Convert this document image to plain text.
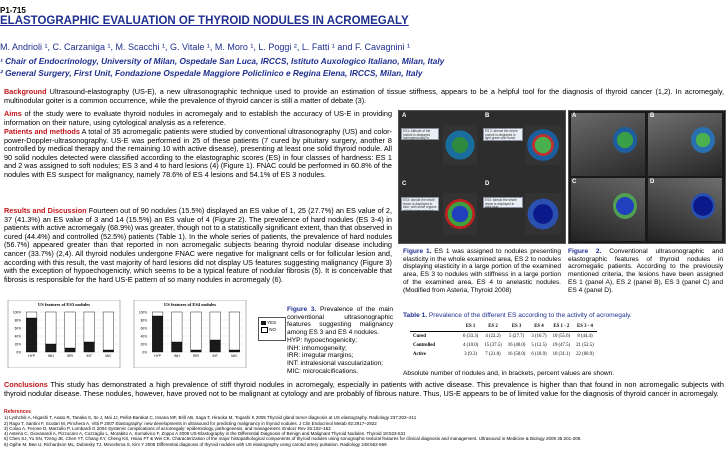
P1-715
ELASTOGRAPHIC EVALUATION OF THYROID NODULES IN ACROMEGALY
M. Andrioli ¹, C. Carzaniga ¹, M. Scacchi ¹, G. Vitale ¹, M. Moro ¹, L. Poggi ², L. Fatti ¹ and F. Cavagnini ¹
¹ Chair of Endocrinology, University of Milan, Ospedale San Luca, IRCCS, Istituto Auxologico Italiano, Milan, Italy
² General Surgery, First Unit, Fondazione Ospedale Maggiore Policlinico e Regina Elena, IRCCS, Milan, Italy
Background Ultrasound-elastography (US-E), a new ultrasonographic technique used to provide an estimation of tissue stiffness, appears to be a helpful tool for the diagnosis of thyroid cancer (1,2). In acromegaly, multinodular goiter is a common occurrence, while the prevalence of thyroid cancer is still a matter of debate (3).
Aims of the study were to evaluate thyroid nodules in acromegaly and to establish the accuracy of US-E in providing information on their nature, using cytological analysis as a reference.
Patients and methods A total of 35 acromegalic patients were studied by conventional ultrasonography (US) and color-power-Doppler-ultrasonography. US-E was performed in 25 of these patients (7 cured by pituitary surgery, another 8 controlled by medical therapy and the remaining 10 with active disease), presenting at least one solid thyroid nodule. All 90 solid nodules detected were classified according to the elastographic scores (ES) in four classes of hardness: ES 1 and 2 was assigned to soft nodules; ES 3 and 4 to hard lesions (4) (Figure 1). FNAC could be performed in 60.8% of the nodules with ES suspect for malignancy, namely 78.6% of ES 4 lesions and 54.1% of ES 3 nodules.
Results and Discussion Fourteen out of 90 nodules (15.5%) displayed an ES value of 1, 25 (27.7%) an ES value of 2, 37 (41.3%) an ES value of 3 and 14 (15.5%) an ES value of 4 (Figure 2). The prevalence of hard nodules (ES 3-4) in patients with active acromegaly (68.9%) was greater, though not to a statistically significant extent, than that observed in cured (44.4%) and controlled (52.5%) patients (Table 1). In the whole series of patients, the prevalence of hard nodules (56.7%) appeared greater than that reported in non acromegalic subjects bearing thyroid nodular disease including cancer (33.7%) (2,4). All thyroid nodules undergone FNAC were negative for malignant cells or for follicular lesion and, according with this result, the vast majority of hard lesions did not display US features suggesting malignancy (Figure 3) with the exception of hypoechogenicity, which seems to be a typical feature of nodular fibrosis (5). It is conceivable that fibrosis is responsible for the hard US-E pattern of so many nodules in acromegaly (6).
A
ES1: Attitude of the nodule is displayed homogeneously in green.
ES 2: almost the whole nodule is displayed in light green with some peripheral and a few central spots.
ES3: almost the whole lesion is displayed in blue, with some regions of light green and red around it.
ES4: almost the whole lesion is displayed in dark blue.
B
C	D
A	B
C	D
Figure 1. ES 1 was assigned to nodules presenting elasticity in the whole examined area, ES 2 to nodules displaying elasticity in a large portion of the examined area, ES 3 to nodules with stiffness in a large portion of the examined area, ES 4 to anelastic nodules. (Modified from Asteria, Thyroid 2008)
Figure 2. Conventional ultrasonographic and elastographic features of thyroid nodules in acromegalic patients. According to the previously mentioned criteria, the lesions have been assigned ES 1 (panel A), ES 2 (panel B), ES 3 (panel C) and ES 4 (panel D).
US features of ES3 nodules
0%
20%
40%
60%
80%
100%
HYP	INH	IRR	INT	MIC
US features of ES4 nodules
0%
20%
40%
60%
80%
100%
HYP	INH	IRR	INT	MIC
YES
NO
Figure 3. Prevalence of the main conventional ultrasonographic features suggesting malignancy among ES 3 and ES 4 nodules.
HYP: hypoechogenicity;
INH: inhomogeneity;
IRR: irregular margins;
INT: intralesional vascularization;
MIC: microcalcifications.
Table 1. Prevalence of the different ES according to the activity of acromegaly.
	ES 1	ES 2	ES 3	ES 4	ES 1 - 2	ES 3 - 4
Cured	6 (33.3)	4 (22.2)	5 (27.7)	3 (16.7)	10 (55.6)	8 (44.4)
Controlled	4 (10.0)	15 (37.5)	16 (40.0)	5 (12.5)	19 (47.5)	21 (52.5)
Active	3 (9.3)	7 (21.8)	16 (50.0)	6 (18.9)	10 (31.1)	22 (68.9)
Absolute number of nodules and, in brackets, percent values are shown.
Conclusions This study has demonstrated a high prevalence of stiff thyroid nodules in acromegaly, especially in patients with active disease. This prevalence is higher than that found in non acromegalic subjects with thyroid nodular disease. These nodules, however, have proved not to be malignant at cytology and are probably of fibrous nature. Thus, US-E appears to be of limited value for the diagnosis of thyroid cancer in acromegaly.
References
1) Lyshchik A, Higashi T, Asato R, Tanaka S, Ito J, Mai JJ, Pellot-Barakat C, Insana MF, Brill AB, Saga T, Hiraoka M, Togashi K 2005 Thyroid gland tumor diagnosis at US elastography. Radiology 237:202–211
2) Rago T, Santini F, Scutari M, Pinchera A, Vitti P 2007 Elastography: new developments in ultrasound for predicting malignancy in thyroid nodules. J Clin Endocrinol Metab 92:2917–2922
3) Colao A, Ferone D, Marzullo P, Lombardi G 2004 Systemic complications of acromegaly: epidemiology, pathogenesis, and management. Endocr Rev 25:102–152
4) Asteria C, Giovanardi A, Pizzocaro A, Cozzaglio L, Morabito A, Somalvico F, Zoppo A 2008 US-Elastography in the Differential Diagnosis of Benign and Malignant Thyroid Nodules. Thyroid 18:523-531
5) Chen SJ, Yu SN, Tzeng JE, Chen YT, Chang KY, Cheng KS, Hsiao FT & Wei CK. Characterization of the major histopathological components of thyroid nodules using sonographic textural features for clinical diagnosis and management. Ultrasound in Medicine & Biology 2009 35:201-208.
6) Ogihe M, Bee U, Richardson ML, Dubinsky TJ, Minoshima S, Kim Y 2008 Differential diagnosis of thyroid nodules with US elastography using carotid artery pulsation. Radiology 248:662-669
